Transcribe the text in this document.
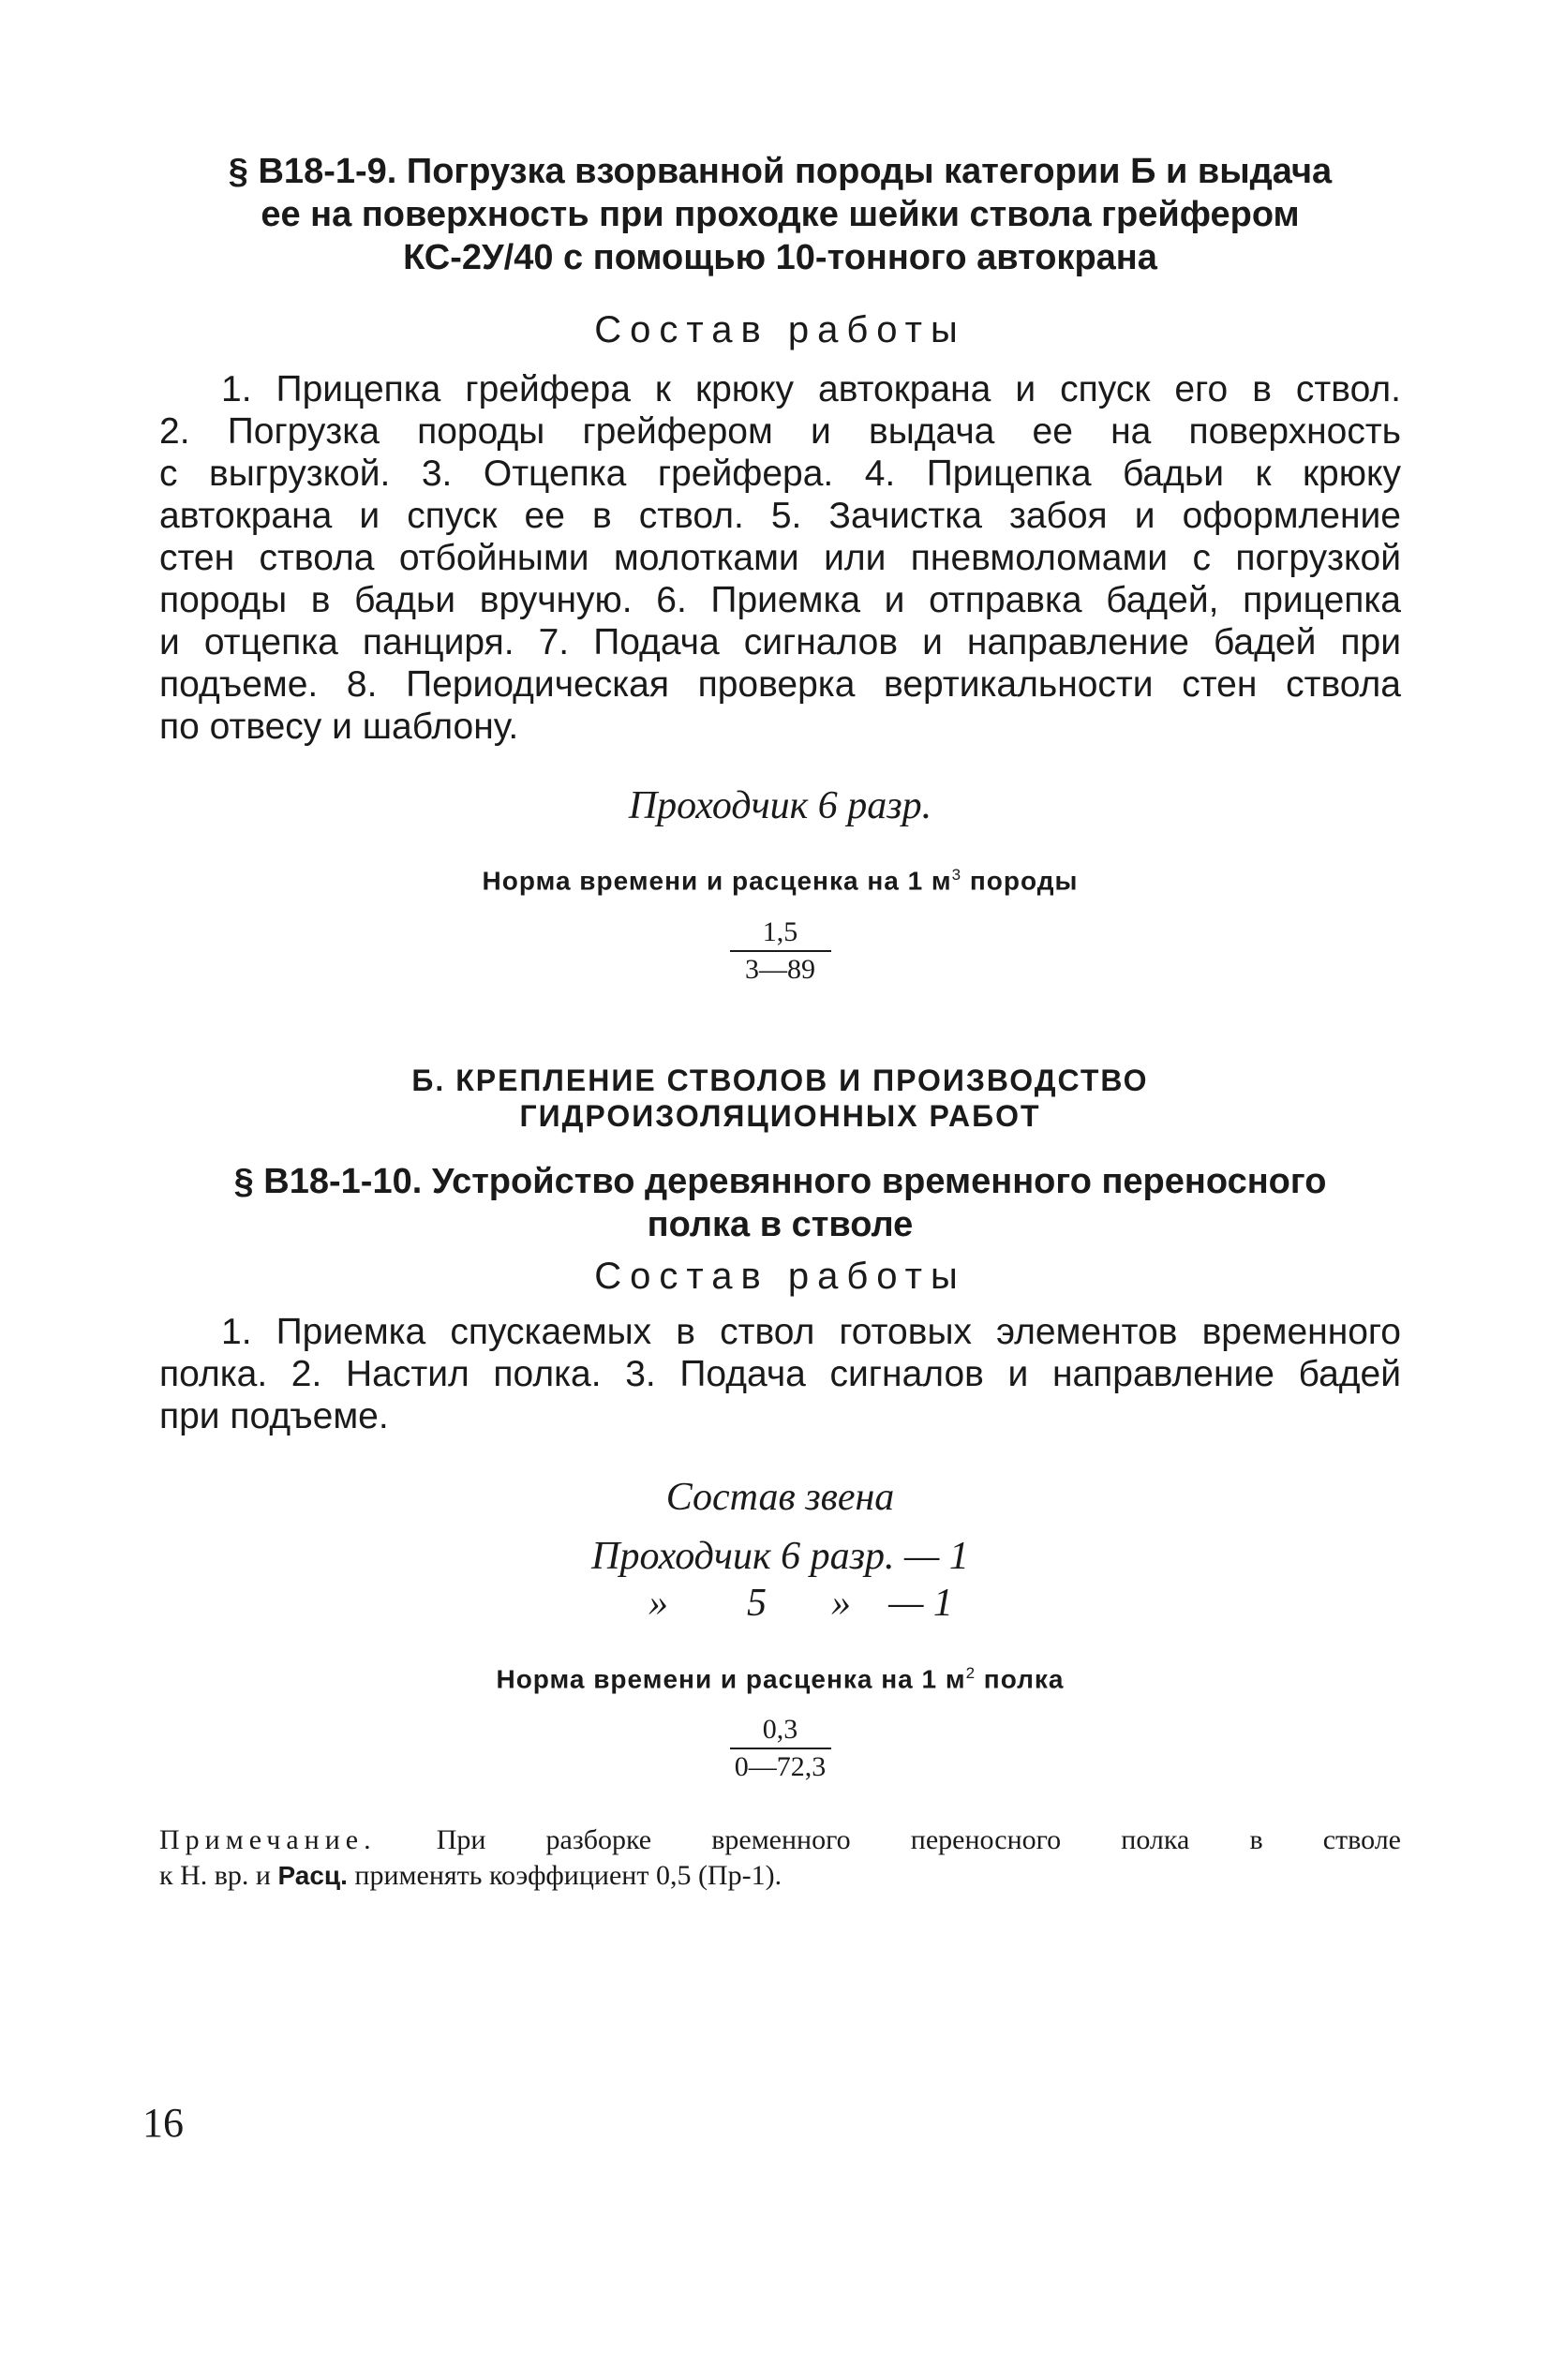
§ В18-1-9. Погрузка взорванной породы категории Б и выдача
ее на поверхность при проходке шейки ствола грейфером
КС-2У/40 с помощью 10-тонного автокрана

Состав работы

1. Прицепка грейфера к крюку автокрана и спуск его в ствол.
2. Погрузка породы грейфером и выдача ее на поверхность
с выгрузкой. 3. Отцепка грейфера. 4. Прицепка бадьи к крюку
автокрана и спуск ее в ствол. 5. Зачистка забоя и оформление
стен ствола отбойными молотками или пневмоломами с погрузкой
породы в бадьи вручную. 6. Приемка и отправка бадей, прицепка
и отцепка панциря. 7. Подача сигналов и направление бадей при
подъеме. 8. Периодическая проверка вертикальности стен ствола
по отвесу и шаблону.

Проходчик 6 разр.

Норма времени и расценка на 1 $м^3$ породы

1,5
3—89
Б. КРЕПЛЕНИЕ СТВОЛОВ И ПРОИЗВОДСТВО
ГИДРОИЗОЛЯЦИОННЫХ РАБОТ
§ В18-1-10. Устройство деревянного временного переносного
полка в стволе

Состав работы

1. Приемка спускаемых в ствол готовых элементов временного
полка. 2. Настил полка. 3. Подача сигналов и направление бадей
при подъеме.

Состав звена

Проходчик 6 разр. — 1
»	5	» — 1

Норма времени и расценка на 1 $м^2$ полка

0,3
0—72,3

Примечание. При разборке временного переносного полка в стволе
к Н. вр. и Расц. применять коэффициент 0,5 (Пр-1).

16
